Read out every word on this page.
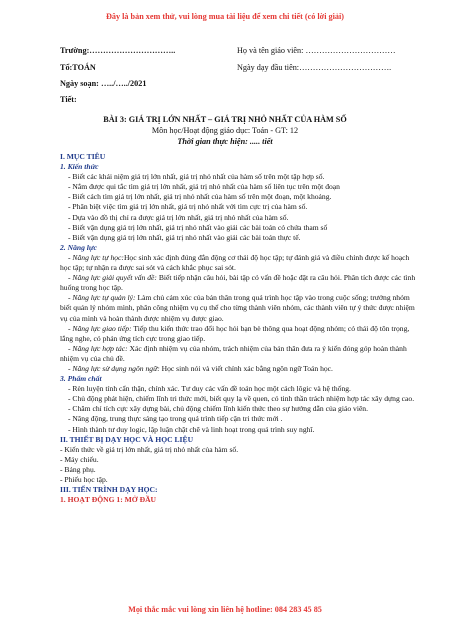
Đây là bản xem thử, vui lòng mua tài liệu để xem chi tiết (có lời giải)
Trường:…………………………..
Tổ:TOÁN
Ngày soạn: …../…../2021
Tiết:
Họ và tên giáo viên: ……………………………
Ngày dạy đầu tiên:…………………………….
BÀI 3: GIÁ TRỊ LỚN NHẤT – GIÁ TRỊ NHỎ NHẤT CỦA HÀM SỐ
Môn học/Hoạt động giáo dục: Toán - GT: 12
Thời gian thực hiện: ..... tiết

I. MỤC TIÊU

1. Kiến thức

- Biết các khái niệm giá trị lớn nhất, giá trị nhỏ nhất của hàm số trên một tập hợp số.

- Nắm được qui tắc tìm giá trị lớn nhất, giá trị nhỏ nhất của hàm số liên tục trên một đoạn

- Biết cách tìm giá trị lớn nhất, giá trị nhỏ nhất của hàm số trên một đoạn, một khoảng.

- Phân biệt việc tìm giá trị lớn nhất, giá trị nhỏ nhất với tìm cực trị của hàm số.

- Dựa vào đồ thị chỉ ra được giá trị lớn nhất, giá trị nhỏ nhất của hàm số.

- Biết vận dụng giá trị lớn nhất, giá trị nhỏ nhất vào giải các bài toán có chứa tham số

- Biết vận dụng giá trị lớn nhất, giá trị nhỏ nhất vào giải các bài toán thực tế.

2. Năng lực

- Năng lực tự học:Học sinh xác định đúng đắn động cơ thái độ học tập; tự đánh giá và điều chỉnh được kế hoạch học tập; tự nhận ra được sai sót và cách khắc phục sai sót.

- Năng lực giải quyết vấn đề: Biết tiếp nhận câu hỏi, bài tập có vấn đề hoặc đặt ra câu hỏi. Phân tích được các tình huống trong học tập.

- Năng lực tự quản lý: Làm chủ cảm xúc của bản thân trong quá trình học tập vào trong cuộc sống; trưởng nhóm biết quản lý nhóm mình, phân công nhiệm vụ cụ thể cho từng thành viên nhóm, các thành viên tự ý thức được nhiệm vụ của mình và hoàn thành được nhiệm vụ được giao.

- Năng lực giao tiếp: Tiếp thu kiến thức trao đổi học hỏi bạn bè thông qua hoạt động nhóm; có thái độ tôn trọng, lắng nghe, có phản ứng tích cực trong giao tiếp.

- Năng lực hợp tác: Xác định nhiệm vụ của nhóm, trách nhiệm của bản thân đưa ra ý kiến đóng góp hoàn thành nhiệm vụ của chủ đề.

- Năng lực sử dụng ngôn ngữ: Học sinh nói và viết chính xác bằng ngôn ngữ Toán học.

3. Phẩm chất

- Rèn luyện tính cẩn thận, chính xác. Tư duy các vấn đề toán học một cách lôgic và hệ thống.

- Chủ động phát hiện, chiếm lĩnh tri thức mới, biết quy lạ về quen, có tinh thần trách nhiệm hợp tác xây dựng cao.

- Chăm chỉ tích cực xây dựng bài, chủ động chiếm lĩnh kiến thức theo sự hướng dẫn của giáo viên.

- Năng động, trung thực sáng tạo trong quá trình tiếp cận tri thức mới .

- Hình thành tư duy logic, lập luận chặt chẽ và linh hoạt trong quá trình suy nghĩ.

II. THIẾT BỊ DẠY HỌC VÀ HỌC LIỆU

- Kiến thức về giá trị lớn nhất, giá trị nhỏ nhất của hàm số.

- Máy chiếu.

- Bảng phụ.

- Phiếu học tập.

III. TIẾN TRÌNH DẠY HỌC:

1. HOẠT ĐỘNG 1: MỞ ĐẦU

Mọi thắc mắc vui lòng xin liên hệ hotline: 084 283 45 85
